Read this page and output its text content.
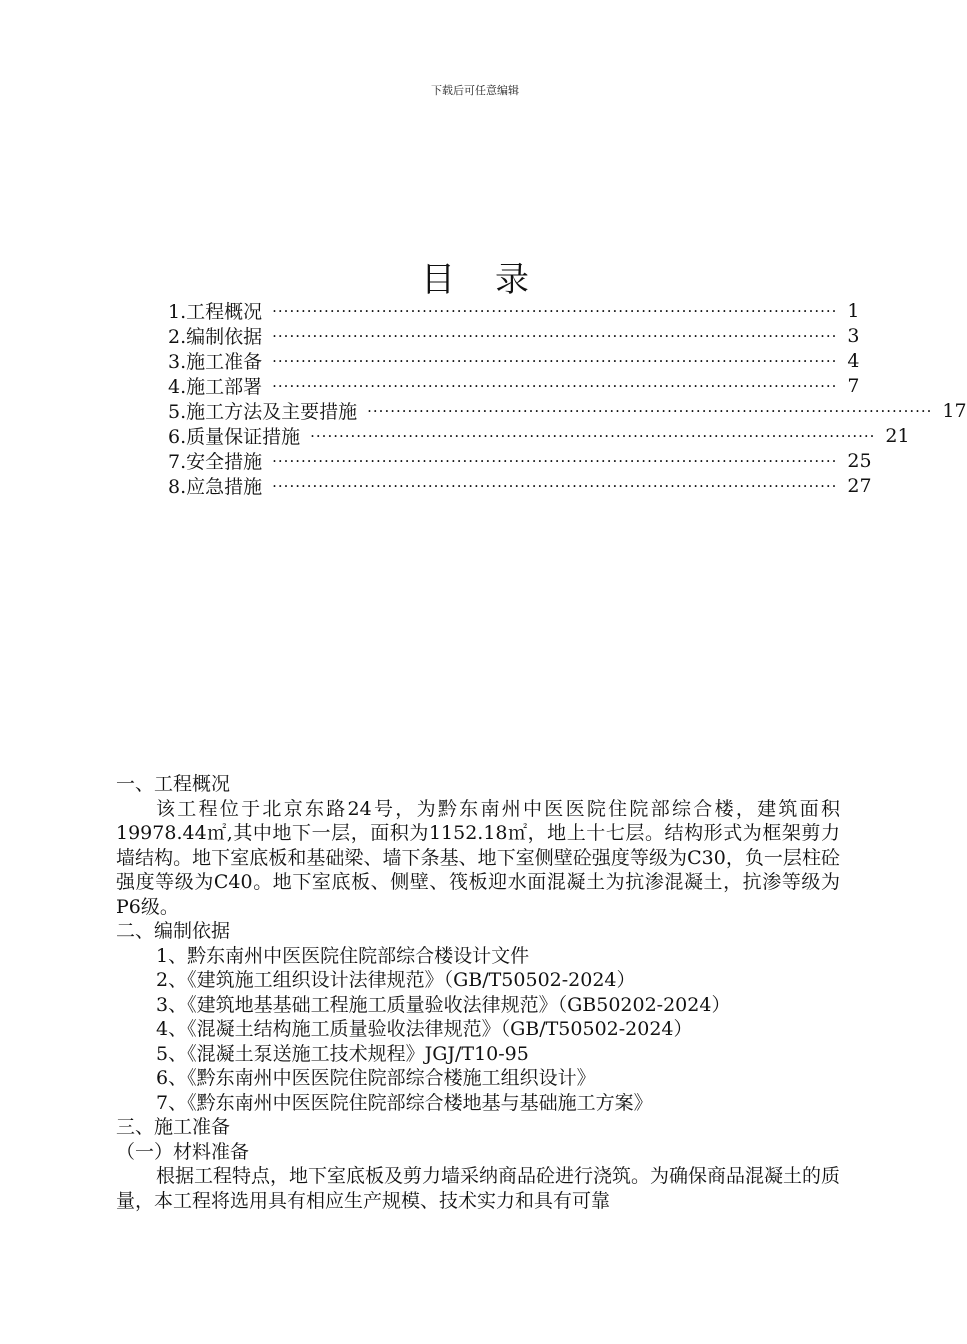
下载后可任意编辑
目录
1.工程概况 ·································································································· 1
2.编制依据 ·································································································· 3
3.施工准备 ·································································································· 4
4.施工部署 ·································································································· 7
5.施工方法及主要措施 ·································································································· 17
6.质量保证措施 ·································································································· 21
7.安全措施 ·································································································· 25
8.应急措施 ·································································································· 27

一、工程概况

该工程位于北京东路24号，为黔东南州中医医院住院部综合楼，建筑面积19978.44㎡,其中地下一层，面积为1152.18㎡，地上十七层。结构形式为框架剪力墙结构。地下室底板和基础梁、墙下条基、地下室侧壁砼强度等级为C30，负一层柱砼强度等级为C40。地下室底板、侧壁、筏板迎水面混凝土为抗渗混凝土，抗渗等级为P6级。

二、编制依据

1、黔东南州中医医院住院部综合楼设计文件

2、《建筑施工组织设计法律规范》（GB/T50502-2024）

3、《建筑地基基础工程施工质量验收法律规范》（GB50202-2024）

4、《混凝土结构施工质量验收法律规范》（GB/T50502-2024）

5、《混凝土泵送施工技术规程》JGJ/T10-95

6、《黔东南州中医医院住院部综合楼施工组织设计》

7、《黔东南州中医医院住院部综合楼地基与基础施工方案》

三、施工准备

（一）材料准备

根据工程特点，地下室底板及剪力墙采纳商品砼进行浇筑。为确保商品混凝土的质量，本工程将选用具有相应生产规模、技术实力和具有可靠
